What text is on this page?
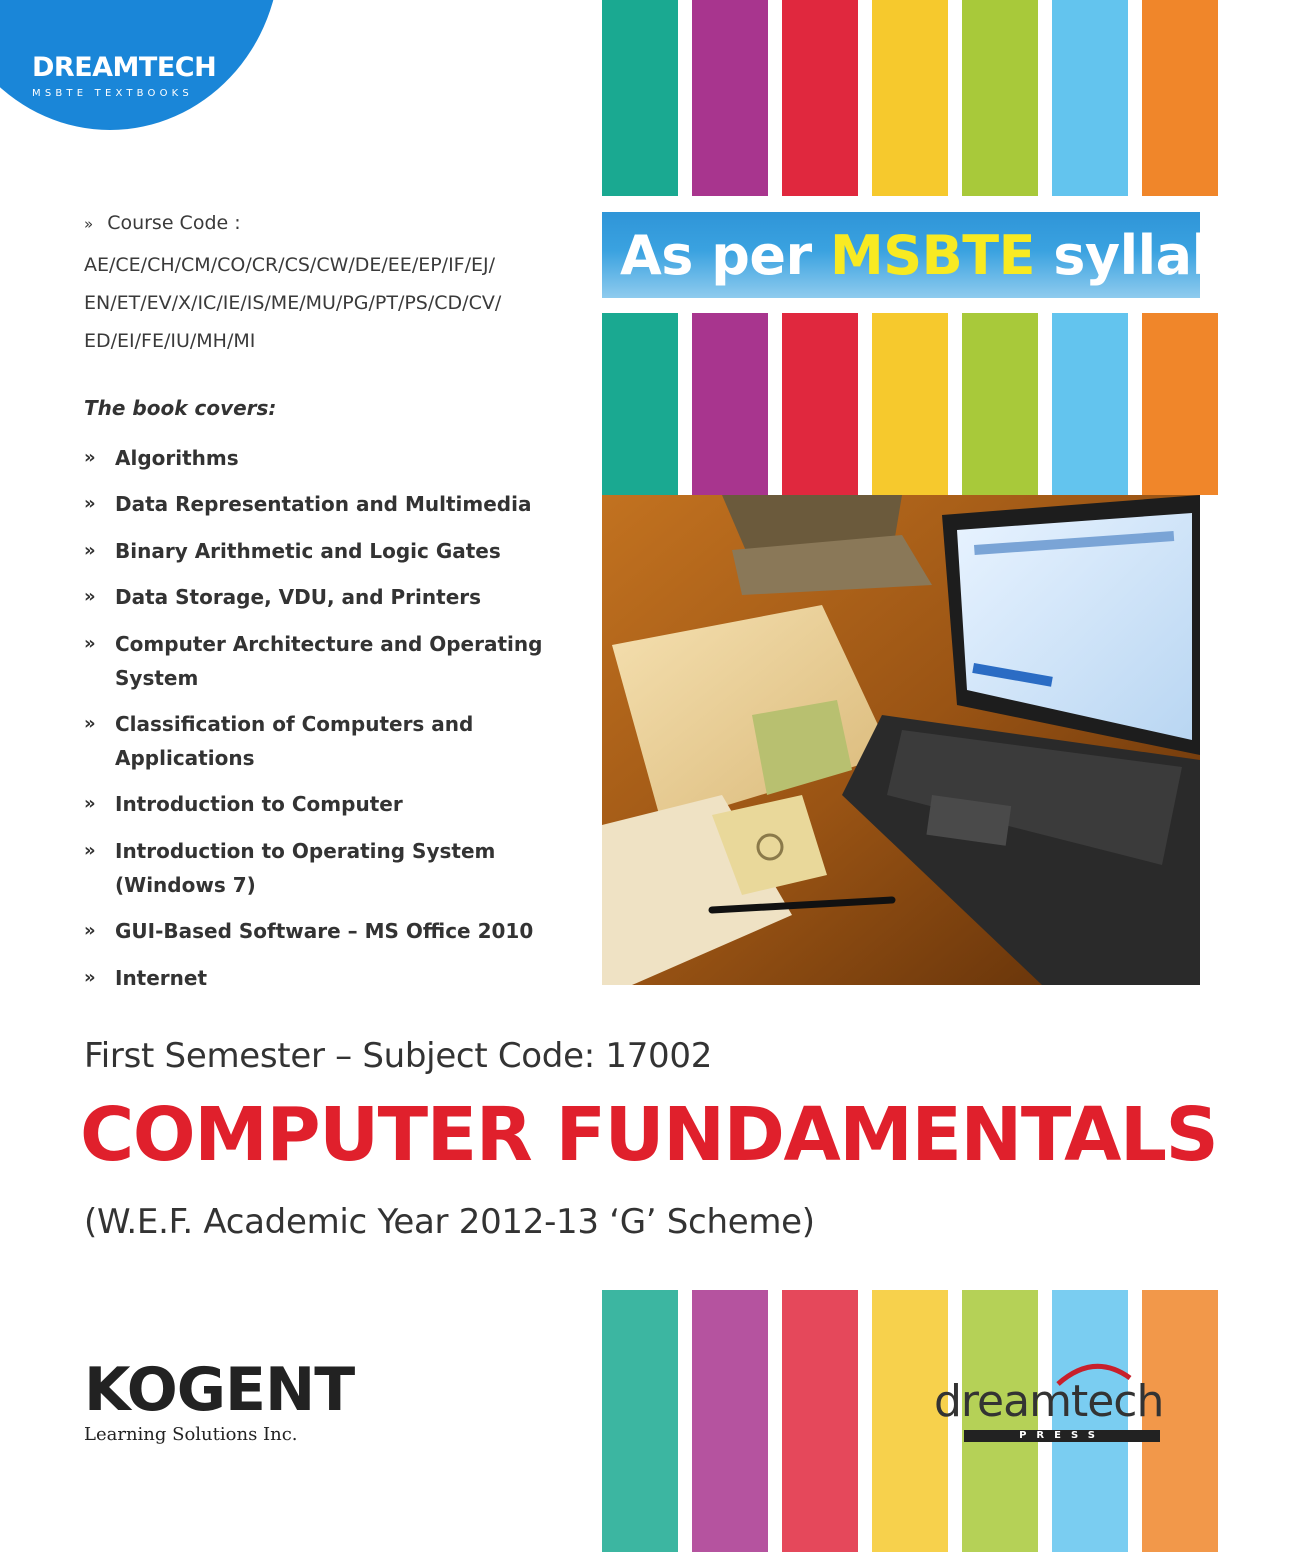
DREAMTECH
MSBTE TEXTBOOKS
As per MSBTE syllabus
» Course Code :
AE/CE/CH/CM/CO/CR/CS/CW/DE/EE/EP/IF/EJ/
EN/ET/EV/X/IC/IE/IS/ME/MU/PG/PT/PS/CD/CV/
ED/EI/FE/IU/MH/MI
The book covers:
» Algorithms
» Data Representation and Multimedia
» Binary Arithmetic and Logic Gates
» Data Storage, VDU, and Printers
» Computer Architecture and Operating
System
» Classification of Computers and
Applications
» Introduction to Computer
» Introduction to Operating System
(Windows 7)
» GUI-Based Software – MS Office 2010
» Internet
First Semester – Subject Code: 17002
COMPUTER FUNDAMENTALS
(W.E.F. Academic Year 2012-13 ‘G’ Scheme)
KOGENT
Learning Solutions Inc.
dreamtech
PRESS
